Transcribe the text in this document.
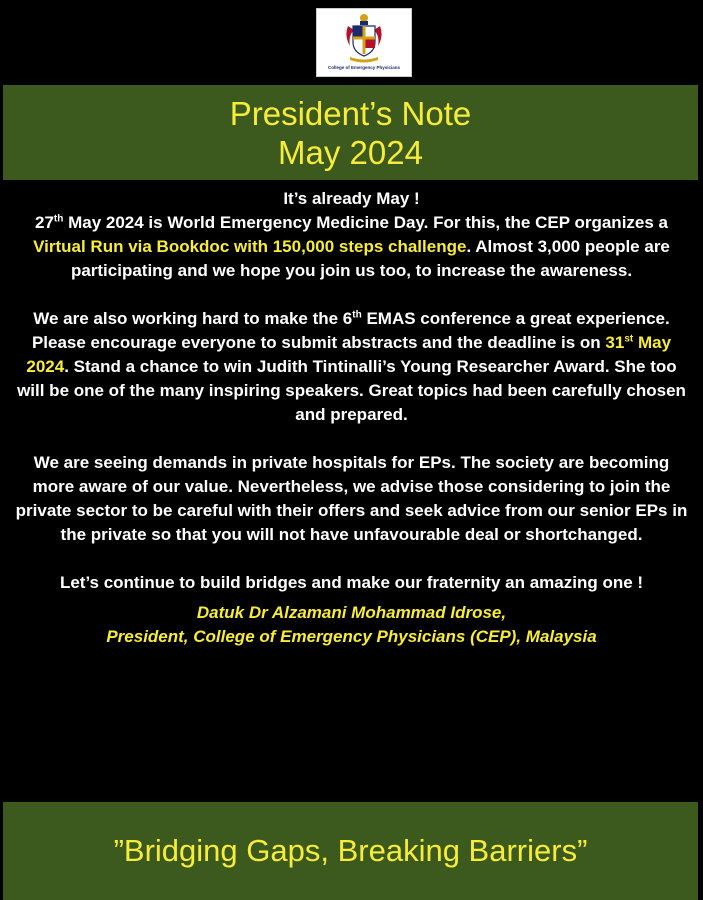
College of Emergency Physicians
President’s Note
May 2024

It’s already May !
27th May 2024 is World Emergency Medicine Day. For this, the CEP organizes a Virtual Run via Bookdoc with 150,000 steps challenge. Almost 3,000 people are participating and we hope you join us too, to increase the awareness.

We are also working hard to make the 6th EMAS conference a great experience. Please encourage everyone to submit abstracts and the deadline is on 31st May 2024. Stand a chance to win Judith Tintinalli’s Young Researcher Award. She too will be one of the many inspiring speakers. Great topics had been carefully chosen and prepared.

We are seeing demands in private hospitals for EPs. The society are becoming more aware of our value. Nevertheless, we advise those considering to join the private sector to be careful with their offers and seek advice from our senior EPs in the private so that you will not have unfavourable deal or shortchanged.

Let’s continue to build bridges and make our fraternity an amazing one !

Datuk Dr Alzamani Mohammad Idrose,
President, College of Emergency Physicians (CEP), Malaysia
”Bridging Gaps, Breaking Barriers”
